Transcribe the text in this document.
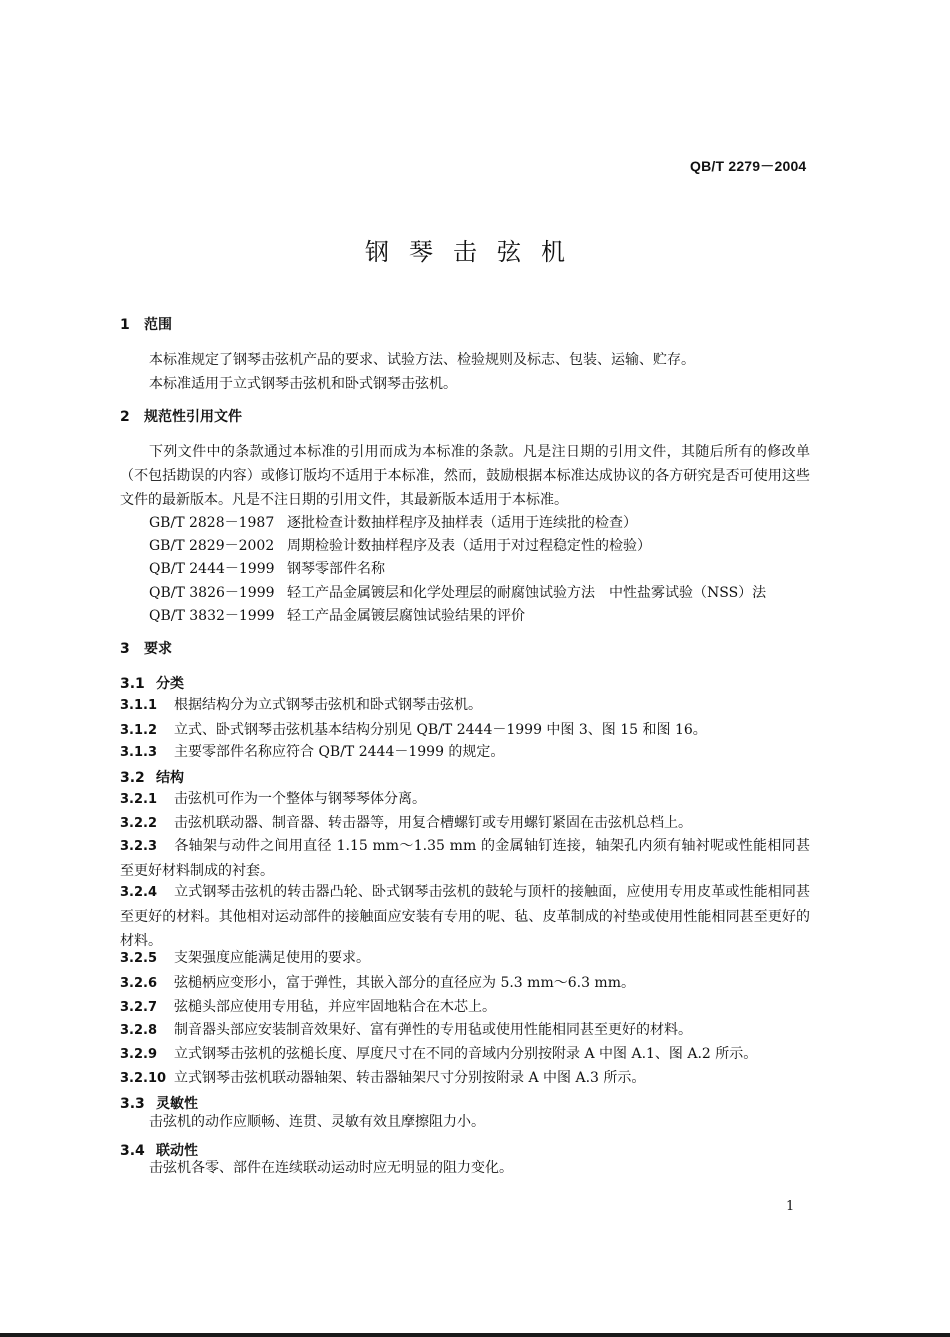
QB/T 2279－2004
钢琴击弦机
1 范围
本标准规定了钢琴击弦机产品的要求、试验方法、检验规则及标志、包装、运输、贮存。
本标准适用于立式钢琴击弦机和卧式钢琴击弦机。
2 规范性引用文件
下列文件中的条款通过本标准的引用而成为本标准的条款。凡是注日期的引用文件，其随后所有的修改单（不包括勘误的内容）或修订版均不适用于本标准，然而，鼓励根据本标准达成协议的各方研究是否可使用这些文件的最新版本。凡是不注日期的引用文件，其最新版本适用于本标准。
GB/T 2828－1987 逐批检查计数抽样程序及抽样表（适用于连续批的检查）
GB/T 2829－2002 周期检验计数抽样程序及表（适用于对过程稳定性的检验）
QB/T 2444－1999 钢琴零部件名称
QB/T 3826－1999 轻工产品金属镀层和化学处理层的耐腐蚀试验方法　中性盐雾试验（NSS）法
QB/T 3832－1999 轻工产品金属镀层腐蚀试验结果的评价
3 要求
3.1 分类
3.1.1 根据结构分为立式钢琴击弦机和卧式钢琴击弦机。
3.1.2 立式、卧式钢琴击弦机基本结构分别见 QB/T 2444－1999 中图 3、图 15 和图 16。
3.1.3 主要零部件名称应符合 QB/T 2444－1999 的规定。
3.2 结构
3.2.1 击弦机可作为一个整体与钢琴琴体分离。
3.2.2 击弦机联动器、制音器、转击器等，用复合槽螺钉或专用螺钉紧固在击弦机总档上。
3.2.3 各轴架与动件之间用直径 1.15 mm～1.35 mm 的金属轴钉连接，轴架孔内须有轴衬呢或性能相同甚至更好材料制成的衬套。
3.2.4 立式钢琴击弦机的转击器凸轮、卧式钢琴击弦机的鼓轮与顶杆的接触面，应使用专用皮革或性能相同甚至更好的材料。其他相对运动部件的接触面应安装有专用的呢、毡、皮革制成的衬垫或使用性能相同甚至更好的材料。
3.2.5 支架强度应能满足使用的要求。
3.2.6 弦槌柄应变形小，富于弹性，其嵌入部分的直径应为 5.3 mm～6.3 mm。
3.2.7 弦槌头部应使用专用毡，并应牢固地粘合在木芯上。
3.2.8 制音器头部应安装制音效果好、富有弹性的专用毡或使用性能相同甚至更好的材料。
3.2.9 立式钢琴击弦机的弦槌长度、厚度尺寸在不同的音域内分别按附录 A 中图 A.1、图 A.2 所示。
3.2.10 立式钢琴击弦机联动器轴架、转击器轴架尺寸分别按附录 A 中图 A.3 所示。
3.3 灵敏性
击弦机的动作应顺畅、连贯、灵敏有效且摩擦阻力小。
3.4 联动性
击弦机各零、部件在连续联动运动时应无明显的阻力变化。
1
